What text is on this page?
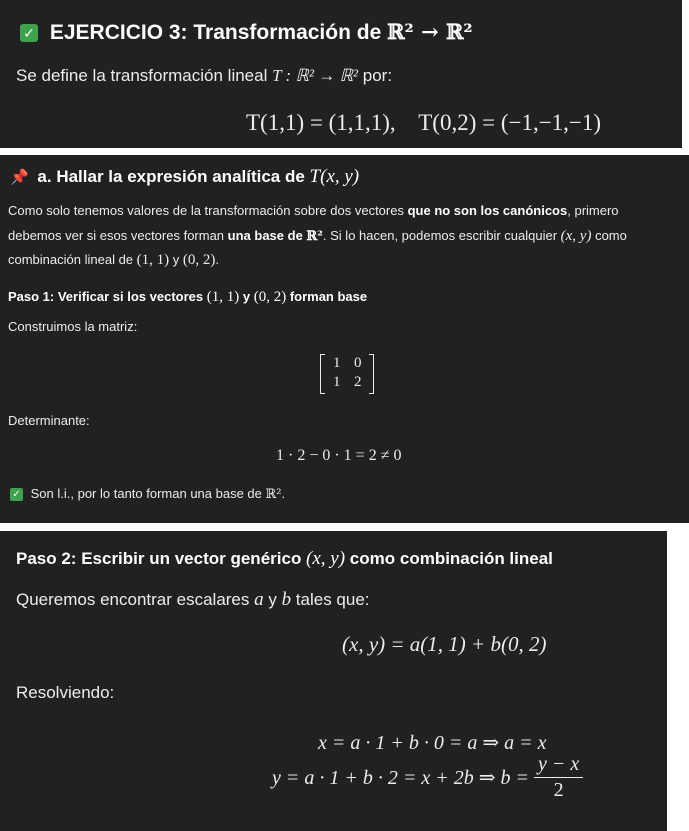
✓ EJERCICIO 3: Transformación de ℝ² → ℝ²
Se define la transformación lineal T : ℝ² → ℝ² por:
T(1,1) = (1,1,1),    T(0,2) = (−1,−1,−1)
📌 a. Hallar la expresión analítica de T(x, y)
Como solo tenemos valores de la transformación sobre dos vectores que no son los canónicos, primero
debemos ver si esos vectores forman una base de ℝ². Si lo hacen, podemos escribir cualquier (x, y) como
combinación lineal de (1, 1) y (0, 2).
Paso 1: Verificar si los vectores (1, 1) y (0, 2) forman base
Construimos la matriz:
1 0
1 2
Determinante:
1 · 2 − 0 · 1 = 2 ≠ 0
✓ Son l.i., por lo tanto forman una base de ℝ².
Paso 2: Escribir un vector genérico (x, y) como combinación lineal
Queremos encontrar escalares a y b tales que:
(x, y) = a(1, 1) + b(0, 2)
Resolviendo:
x = a · 1 + b · 0 = a ⇒ a = x
y = a · 1 + b · 2 = x + 2b ⇒ $b = \frac{y - x}{2}$
